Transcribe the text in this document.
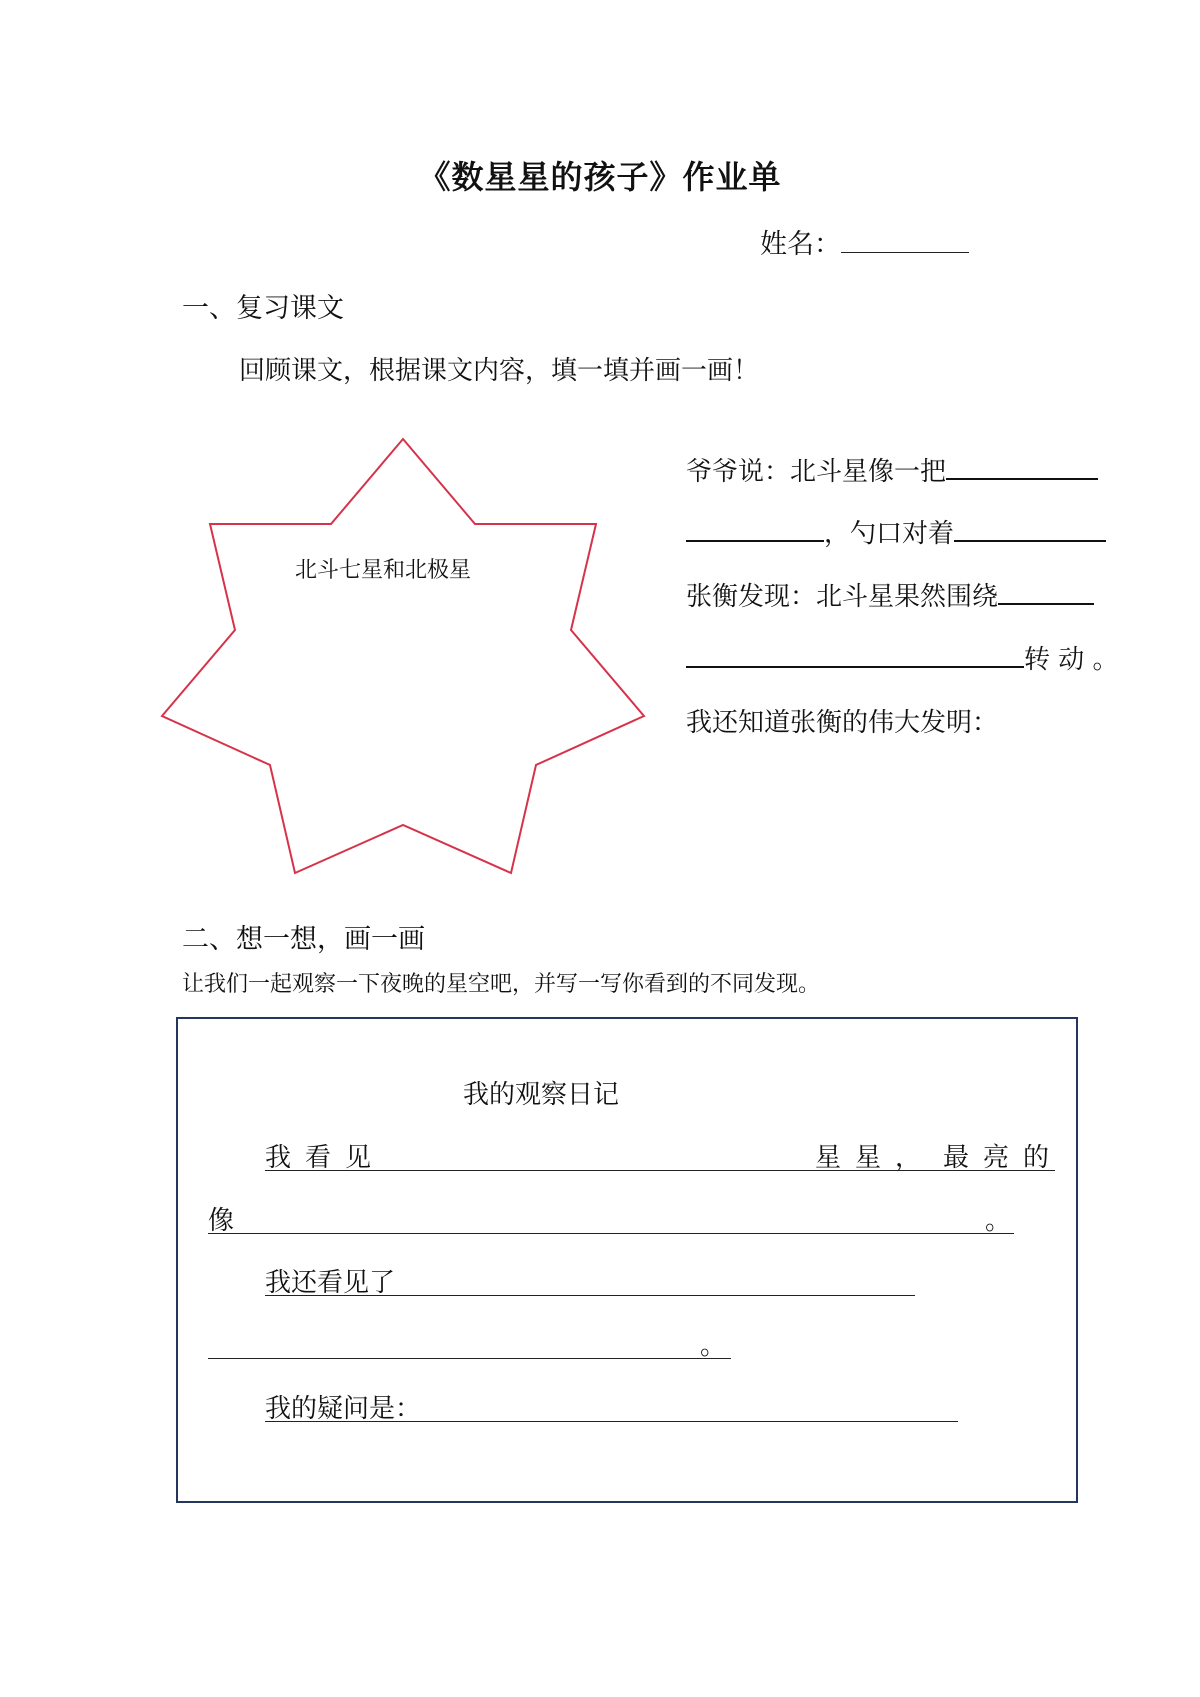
《数星星的孩子》作业单
姓名：
一、复习课文
回顾课文，根据课文内容，填一填并画一画！
北斗七星和北极星
爷爷说：北斗星像一把
，勺口对着
张衡发现：北斗星果然围绕
转 动 。
我还知道张衡的伟大发明：
二、想一想，画一画
让我们一起观察一下夜晚的星空吧，并写一写你看到的不同发现。
我的观察日记
我看见	星星， 最亮的
像	。
我还看见了
。
我的疑问是：
